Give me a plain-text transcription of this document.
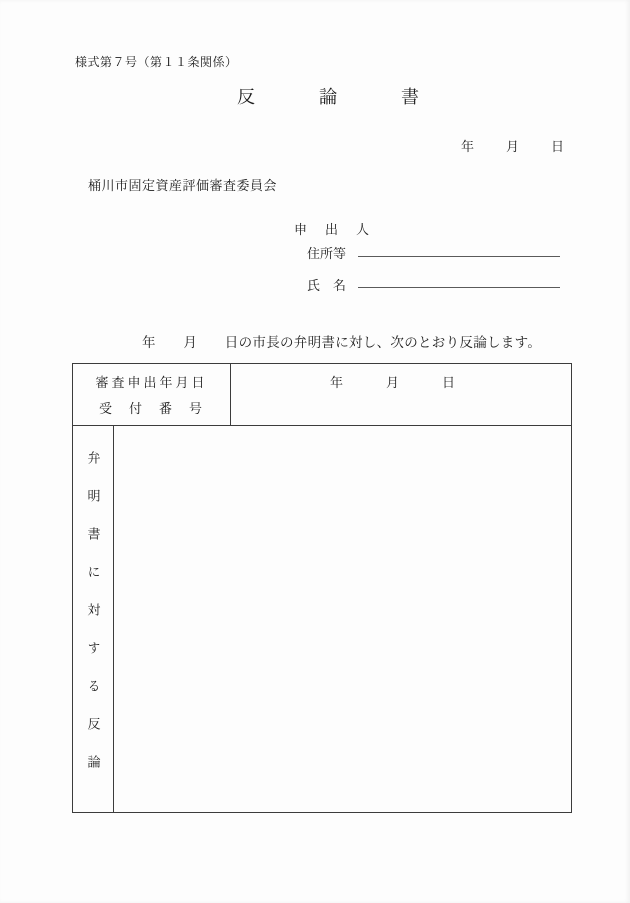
様式第７号（第１１条関係）
反論書
年　　月　　日
桶川市固定資産評価審査委員会
申　出　人
住所等
氏　名
年　　月　　日の市長の弁明書に対し、次のとおり反論します。
審査申出年月日
受　付　番　号
年　　　月　　　日
弁明書に対する反論
